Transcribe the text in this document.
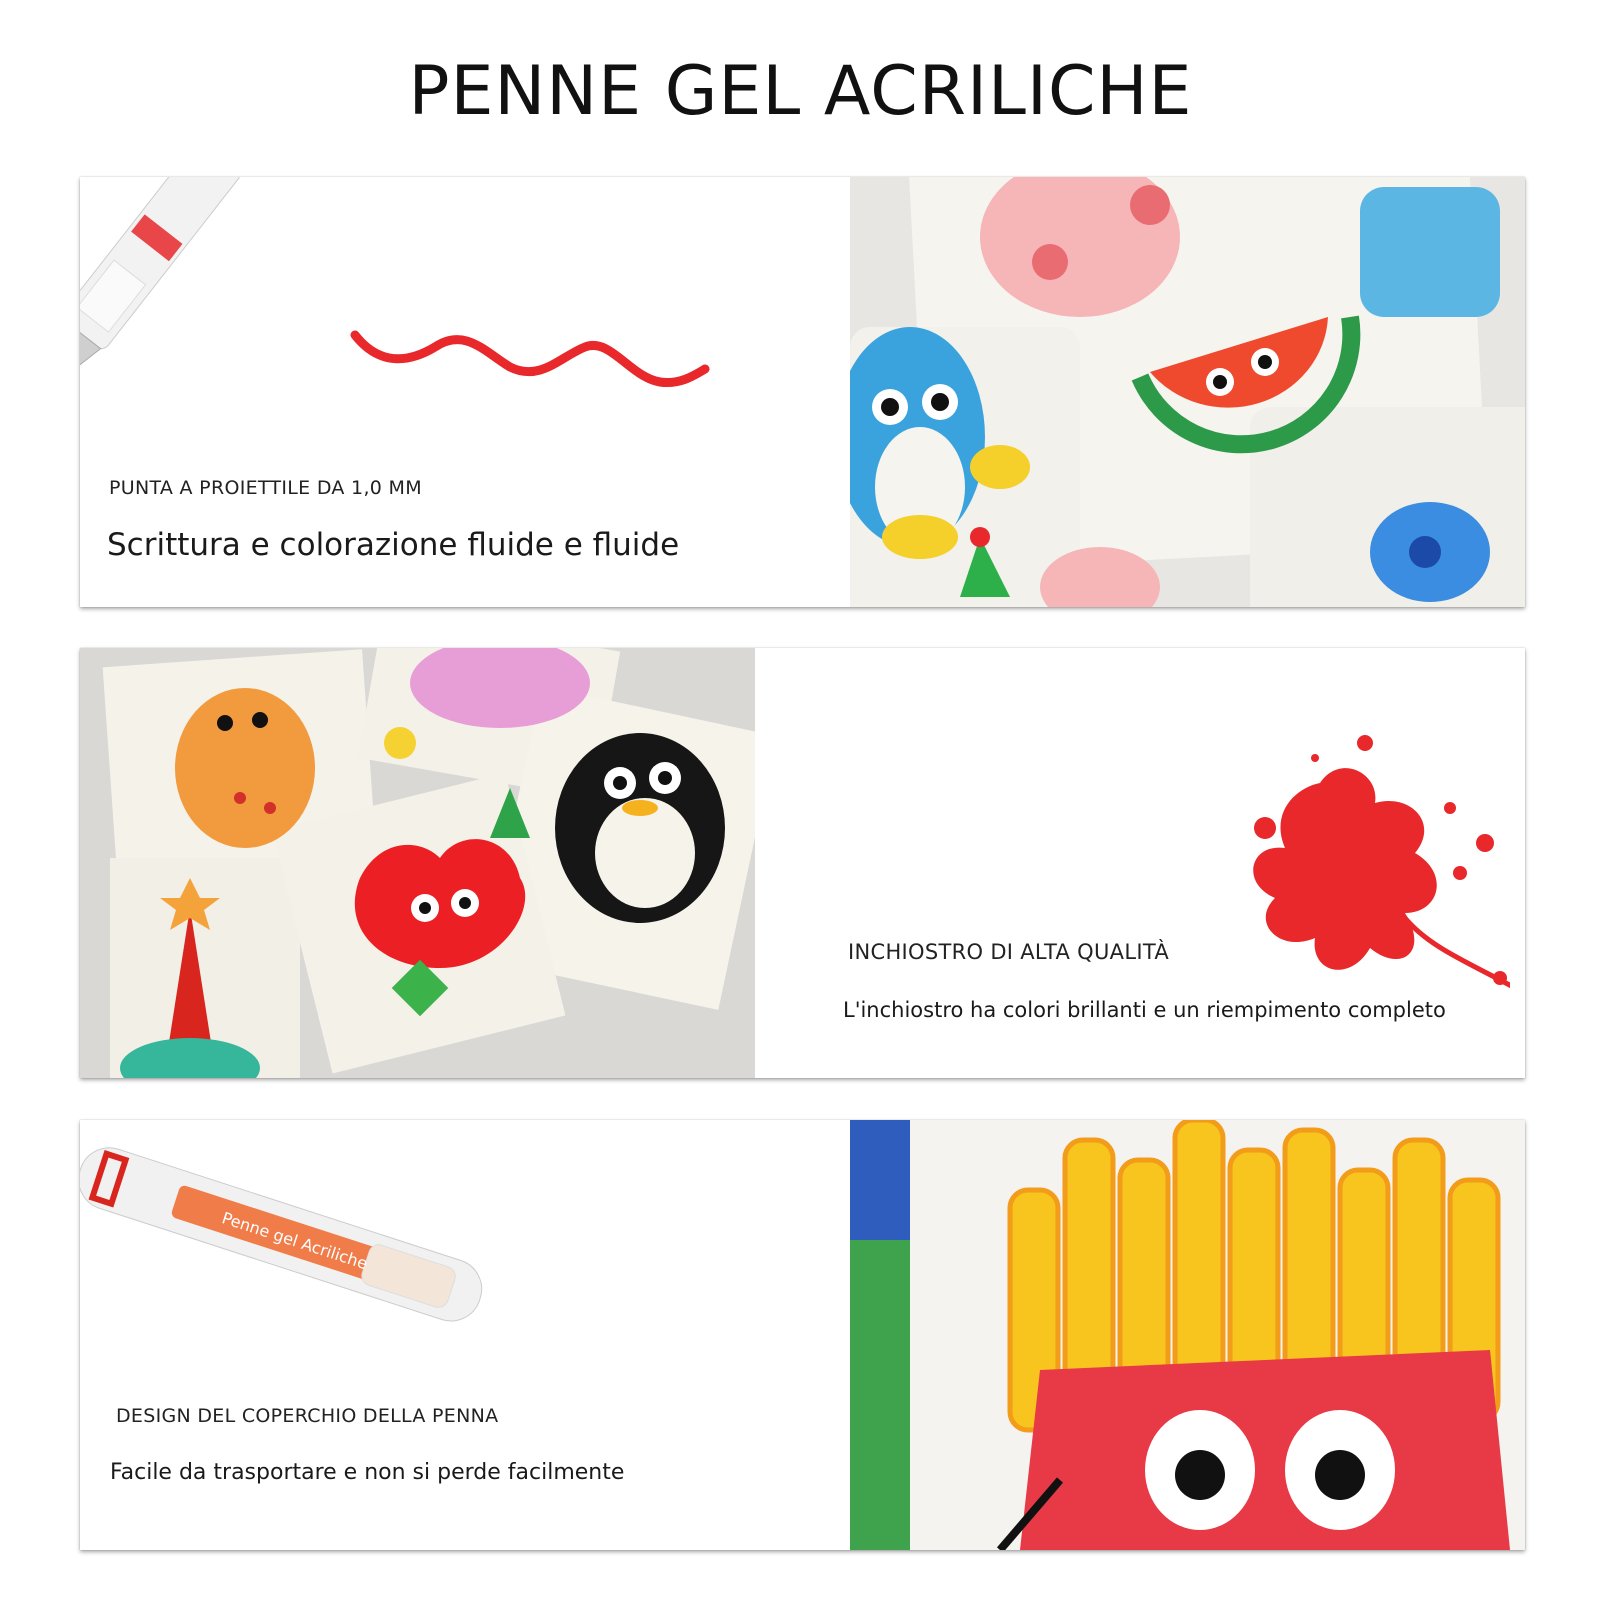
PENNE GEL ACRILICHE
PUNTA A PROIETTILE DA 1,0 MM
Scrittura e colorazione fluide e fluide
INCHIOSTRO DI ALTA QUALITÀ
L'inchiostro ha colori brillanti e un riempimento completo
Penne gel Acriliche
DESIGN DEL COPERCHIO DELLA PENNA
Facile da trasportare e non si perde facilmente
